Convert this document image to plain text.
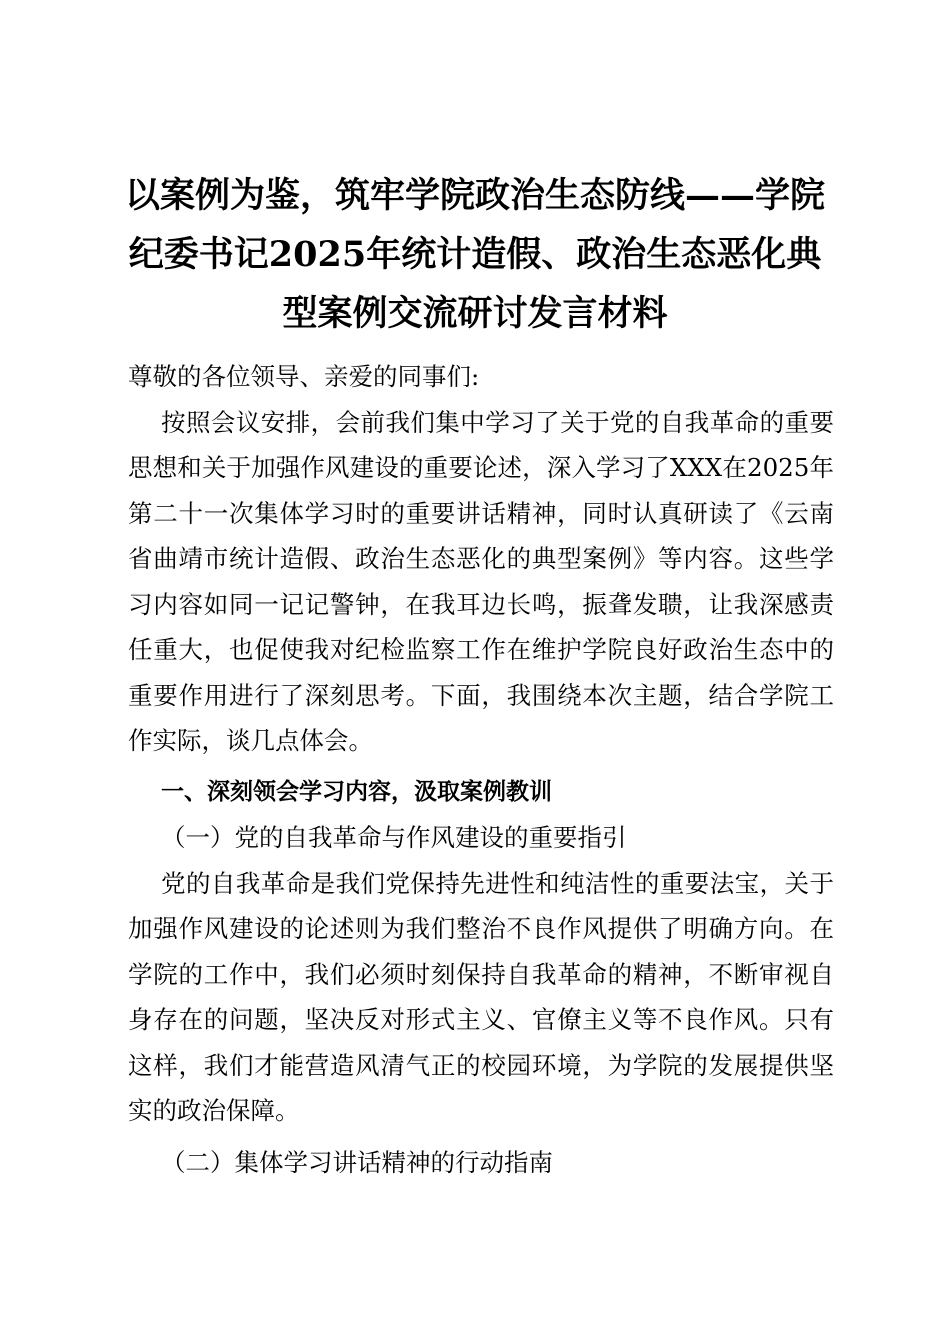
以案例为鉴，筑牢学院政治生态防线——学院纪委书记2025年统计造假、政治生态恶化典型案例交流研讨发言材料

尊敬的各位领导、亲爱的同事们:

按照会议安排，会前我们集中学习了关于党的自我革命的重要思想和关于加强作风建设的重要论述，深入学习了XXX在2025年第二十一次集体学习时的重要讲话精神，同时认真研读了《云南省曲靖市统计造假、政治生态恶化的典型案例》等内容。这些学习内容如同一记记警钟，在我耳边长鸣，振聋发聩，让我深感责任重大，也促使我对纪检监察工作在维护学院良好政治生态中的重要作用进行了深刻思考。下面，我围绕本次主题，结合学院工作实际，谈几点体会。

一、深刻领会学习内容，汲取案例教训

（一）党的自我革命与作风建设的重要指引

党的自我革命是我们党保持先进性和纯洁性的重要法宝，关于加强作风建设的论述则为我们整治不良作风提供了明确方向。在学院的工作中，我们必须时刻保持自我革命的精神，不断审视自身存在的问题，坚决反对形式主义、官僚主义等不良作风。只有这样，我们才能营造风清气正的校园环境，为学院的发展提供坚实的政治保障。

（二）集体学习讲话精神的行动指南
